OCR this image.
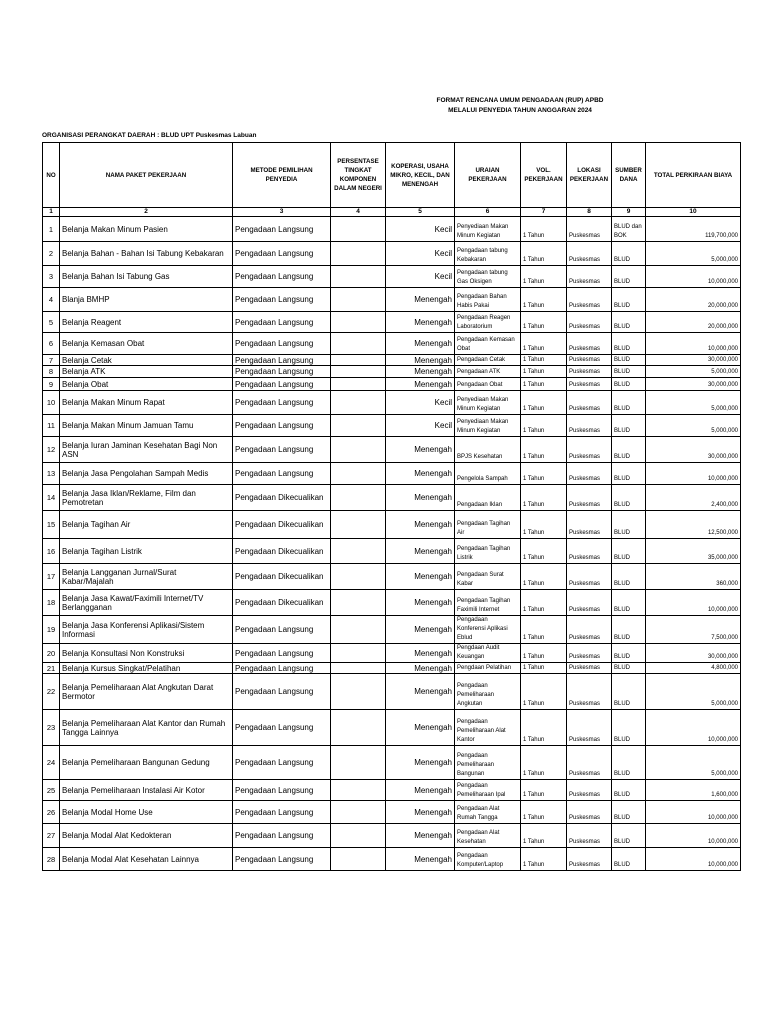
FORMAT RENCANA UMUM PENGADAAN (RUP) APBD
MELALUI PENYEDIA TAHUN ANGGARAN 2024
ORGANISASI PERANGKAT DAERAH : BLUD UPT Puskesmas Labuan
NO	NAMA PAKET PEKERJAAN	METODE PEMILIHAN PENYEDIA	PERSENTASE TINGKAT KOMPONEN DALAM NEGERI	KOPERASI, USAHA MIKRO, KECIL, DAN MENENGAH	URAIAN PEKERJAAN	VOL. PEKERJAAN	LOKASI PEKERJAAN	SUMBER DANA	TOTAL PERKIRAAN BIAYA
1	2	3	4	5	6	7	8	9	10
1	Belanja Makan Minum Pasien	Pengadaan Langsung		Kecil	Penyediaan Makan Minum Kegiatan	1 Tahun	Puskesmas	BLUD dan BOK	119,700,000
2	Belanja Bahan - Bahan Isi Tabung Kebakaran	Pengadaan Langsung		Kecil	Pengadaan tabung Kebakaran	1 Tahun	Puskesmas	BLUD	5,000,000
3	Belanja Bahan Isi Tabung Gas	Pengadaan Langsung		Kecil	Pengadaan tabung Gas Oksigen	1 Tahun	Puskesmas	BLUD	10,000,000
4	Blanja BMHP	Pengadaan Langsung		Menengah	Pengadaan Bahan Habis Pakai	1 Tahun	Puskesmas	BLUD	20,000,000
5	Belanja Reagent	Pengadaan Langsung		Menengah	Pengadaan Reagen Laboratorium	1 Tahun	Puskesmas	BLUD	20,000,000
6	Belanja Kemasan Obat	Pengadaan Langsung		Menengah	Pengadaan Kemasan Obat	1 Tahun	Puskesmas	BLUD	10,000,000
7	Belanja Cetak	Pengadaan Langsung		Menengah	Pengadaan Cetak	1 Tahun	Puskesmas	BLUD	30,000,000
8	Belanja ATK	Pengadaan Langsung		Menengah	Pengadaan ATK	1 Tahun	Puskesmas	BLUD	5,000,000
9	Belanja Obat	Pengadaan Langsung		Menengah	Pengadaan Obat	1 Tahun	Puskesmas	BLUD	30,000,000
10	Belanja Makan Minum Rapat	Pengadaan Langsung		Kecil	Penyediaan Makan Minum Kegiatan	1 Tahun	Puskesmas	BLUD	5,000,000
11	Belanja Makan Minum Jamuan Tamu	Pengadaan Langsung		Kecil	Penyediaan Makan Minum Kegiatan	1 Tahun	Puskesmas	BLUD	5,000,000
12	Belanja Iuran Jaminan Kesehatan Bagi Non ASN	Pengadaan Langsung		Menengah	BPJS Kesehatan	1 Tahun	Puskesmas	BLUD	30,000,000
13	Belanja Jasa Pengolahan Sampah Medis	Pengadaan Langsung		Menengah	Pengelola Sampah	1 Tahun	Puskesmas	BLUD	10,000,000
14	Belanja Jasa Iklan/Reklame, Film dan Pemotretan	Pengadaan Dikecualikan		Menengah	Pengadaan Iklan	1 Tahun	Puskesmas	BLUD	2,400,000
15	Belanja Tagihan Air	Pengadaan Dikecualikan		Menengah	Pengadaan Tagihan Air	1 Tahun	Puskesmas	BLUD	12,500,000
16	Belanja Tagihan Listrik	Pengadaan Dikecualikan		Menengah	Pengadaan Tagihan Listrik	1 Tahun	Puskesmas	BLUD	35,000,000
17	Belanja Langganan Jurnal/Surat Kabar/Majalah	Pengadaan Dikecualikan		Menengah	Pengadaan Surat Kabar	1 Tahun	Puskesmas	BLUD	360,000
18	Belanja Jasa Kawat/Faximili Internet/TV Berlangganan	Pengadaan Dikecualikan		Menengah	Pengadaan Tagihan Faximili Internet	1 Tahun	Puskesmas	BLUD	10,000,000
19	Belanja Jasa Konferensi Aplikasi/Sistem Informasi	Pengadaan Langsung		Menengah	Pengadaan Konferensi Aplikasi Eblud	1 Tahun	Puskesmas	BLUD	7,500,000
20	Belanja Konsultasi Non Konstruksi	Pengadaan Langsung		Menengah	Pengdaan Audit Keuangan	1 Tahun	Puskesmas	BLUD	30,000,000
21	Belanja Kursus Singkat/Pelatihan	Pengadaan Langsung		Menengah	Pengdaan Pelatihan	1 Tahun	Puskesmas	BLUD	4,800,000
22	Belanja Pemeliharaan Alat Angkutan Darat Bermotor	Pengadaan Langsung		Menengah	Pengadaan Pemeliharaan Angkutan	1 Tahun	Puskesmas	BLUD	5,000,000
23	Belanja Pemeliharaan Alat Kantor dan Rumah Tangga Lainnya	Pengadaan Langsung		Menengah	Pengadaan Pemeliharaan Alat Kantor	1 Tahun	Puskesmas	BLUD	10,000,000
24	Belanja Pemeliharaan Bangunan Gedung	Pengadaan Langsung		Menengah	Pengadaan Pemeliharaan Bangunan	1 Tahun	Puskesmas	BLUD	5,000,000
25	Belanja Pemeliharaan Instalasi Air Kotor	Pengadaan Langsung		Menengah	Pengadaan Pemeliharaan Ipal	1 Tahun	Puskesmas	BLUD	1,600,000
26	Belanja Modal Home Use	Pengadaan Langsung		Menengah	Pengadaan Alat Rumah Tangga	1 Tahun	Puskesmas	BLUD	10,000,000
27	Belanja Modal Alat Kedokteran	Pengadaan Langsung		Menengah	Pengadaan Alat Kesehatan	1 Tahun	Puskesmas	BLUD	10,000,000
28	Belanja Modal Alat Kesehatan Lainnya	Pengadaan Langsung		Menengah	Pengadaan Komputer/Laptop	1 Tahun	Puskesmas	BLUD	10,000,000
